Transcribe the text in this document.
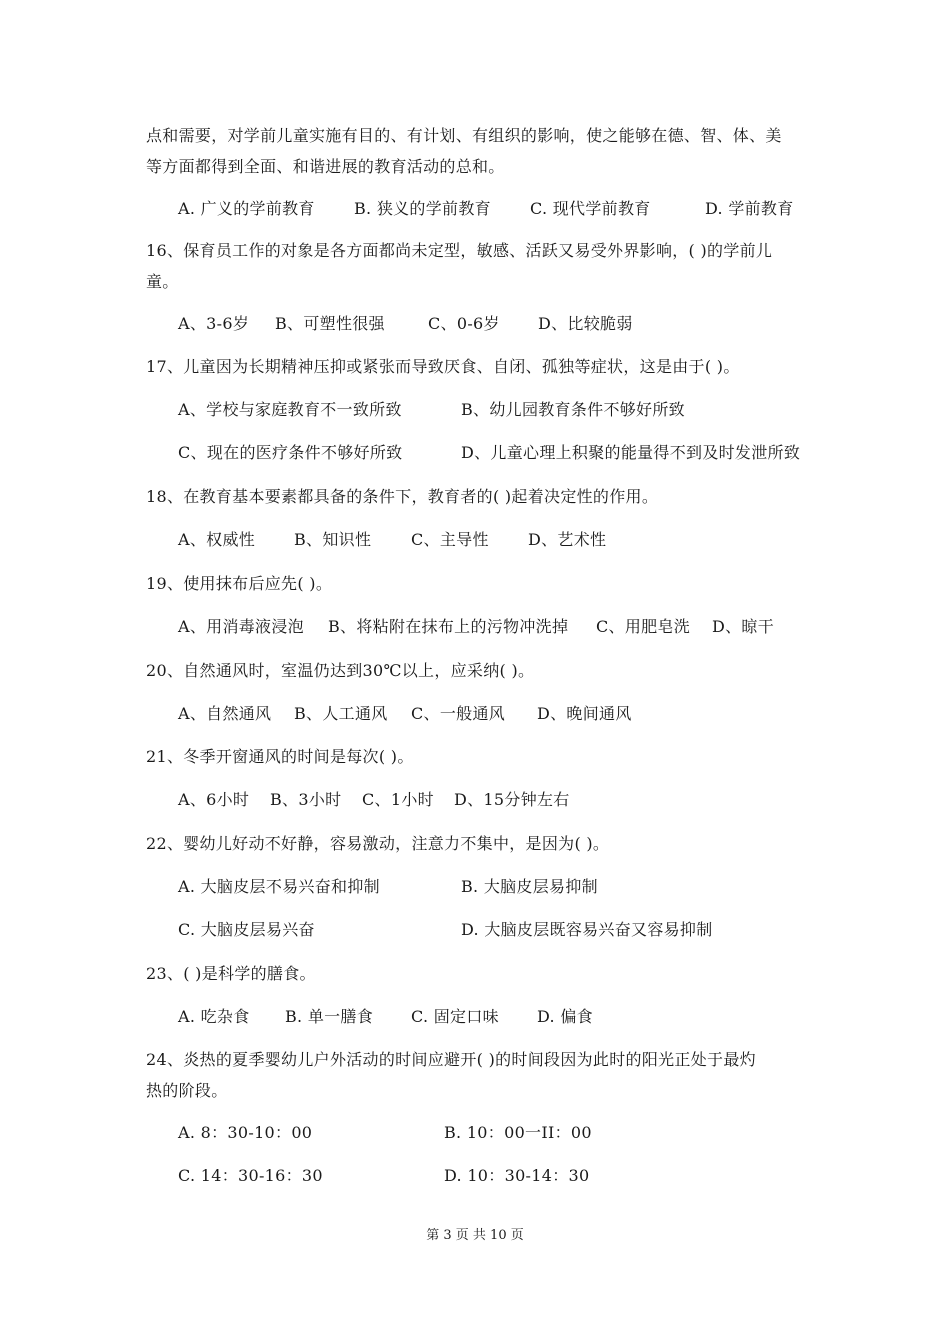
点和需要，对学前儿童实施有目的、有计划、有组织的影响，使之能够在德、智、体、美
等方面都得到全面、和谐进展的教育活动的总和。
A. 广义的学前教育 B. 狭义的学前教育 C. 现代学前教育	D. 学前教育
16、保育员工作的对象是各方面都尚未定型，敏感、活跃又易受外界影响，( )的学前儿
童。
A、3-6岁 B、可塑性很强	C、0-6岁 D、比较脆弱
17、儿童因为长期精神压抑或紧张而导致厌食、自闭、孤独等症状，这是由于( )。
A、学校与家庭教育不一致所致	B、幼儿园教育条件不够好所致
C、现在的医疗条件不够好所致	D、儿童心理上积聚的能量得不到及时发泄所致
18、在教育基本要素都具备的条件下，教育者的( )起着决定性的作用。
A、权威性 B、知识性 C、主导性 D、艺术性
19、使用抹布后应先( )。
A、用消毒液浸泡 B、将粘附在抹布上的污物冲洗掉 C、用肥皂洗 D、晾干
20、自然通风时，室温仍达到30℃以上，应采纳( )。
A、自然通风 B、人工通风 C、一般通风 D、晚间通风
21、冬季开窗通风的时间是每次( )。
A、6小时 B、3小时 C、1小时 D、15分钟左右
22、婴幼儿好动不好静，容易激动，注意力不集中，是因为( )。
A. 大脑皮层不易兴奋和抑制	B. 大脑皮层易抑制
C. 大脑皮层易兴奋	D. 大脑皮层既容易兴奋又容易抑制
23、( )是科学的膳食。
A. 吃杂食 B. 单一膳食 C. 固定口味 D. 偏食
24、炎热的夏季婴幼儿户外活动的时间应避开( )的时间段因为此时的阳光正处于最灼
热的阶段。
A. 8：30-10：00	B. 10：00一II：00
C. 14：30-16：30	D. 10：30-14：30
第 3 页 共 10 页
